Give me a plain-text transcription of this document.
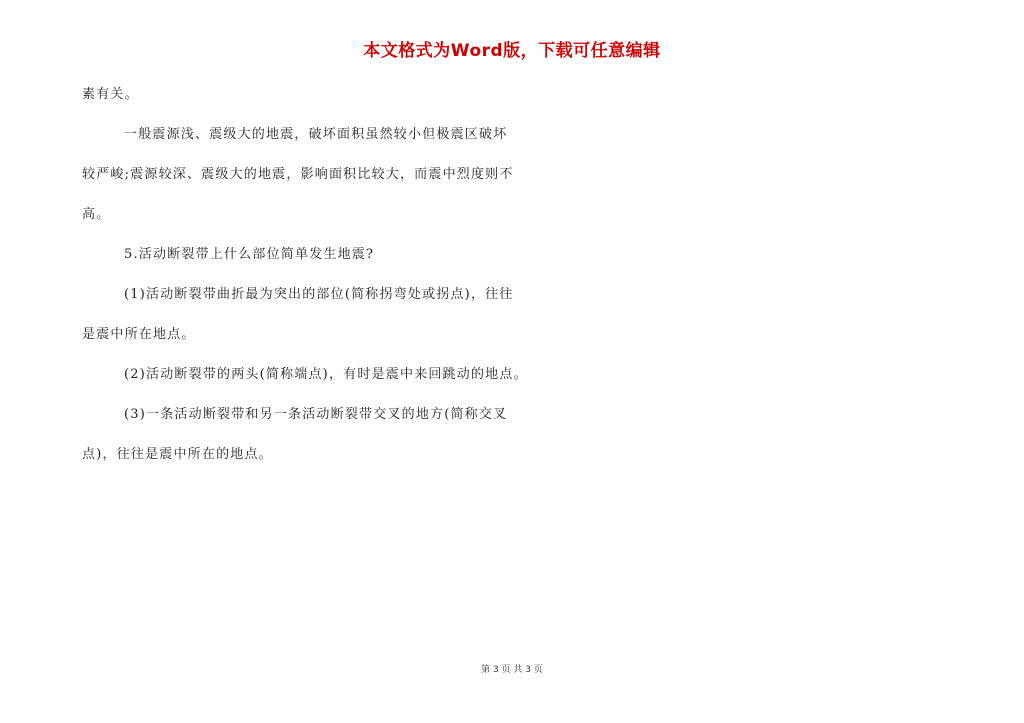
本文格式为Word版，下载可任意编辑
素有关。
一般震源浅、震级大的地震，破坏面积虽然较小但极震区破坏
较严峻;震源较深、震级大的地震，影响面积比较大，而震中烈度则不
高。
5.活动断裂带上什么部位简单发生地震?
(1)活动断裂带曲折最为突出的部位(简称拐弯处或拐点)，往往
是震中所在地点。
(2)活动断裂带的两头(简称端点)，有时是震中来回跳动的地点。
(3)一条活动断裂带和另一条活动断裂带交叉的地方(简称交叉
点)，往往是震中所在的地点。
第 3 页 共 3 页
